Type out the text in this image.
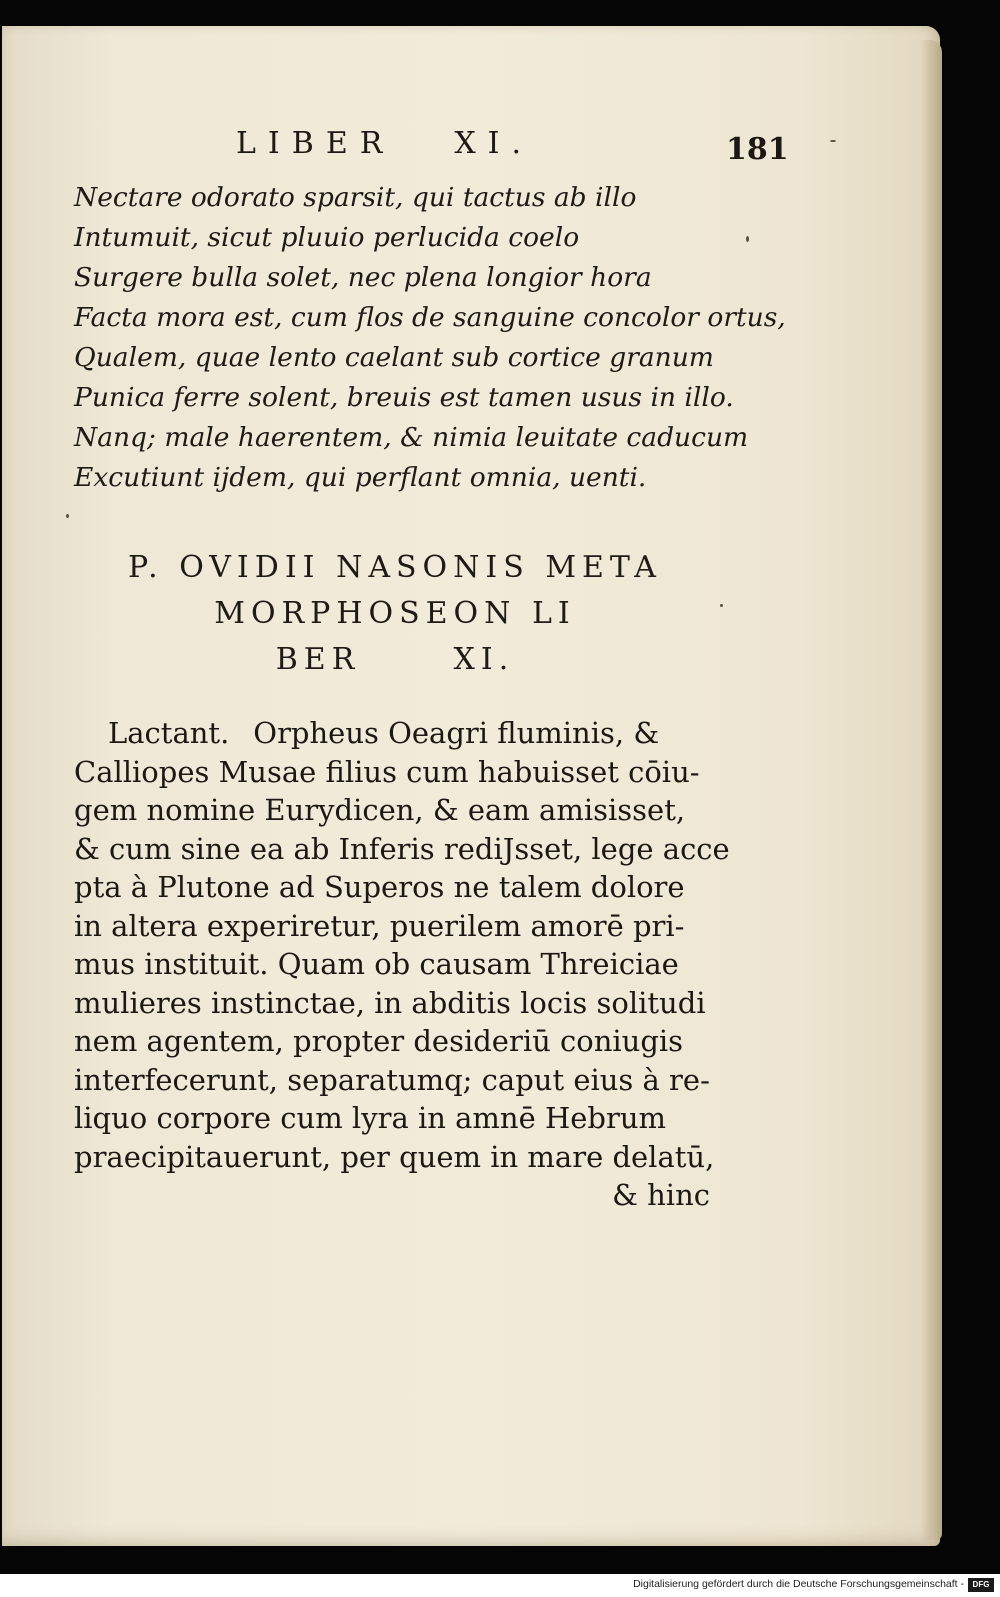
LIBER XI.	181
Nectare odorato sparsit, qui tactus ab illo
Intumuit, sicut pluuio perlucida coelo
Surgere bulla solet, nec plena longior hora
Facta mora est, cum flos de sanguine concolor ortus,
Qualem, quae lento caelant sub cortice granum
Punica ferre solent, breuis est tamen usus in illo.
Nanq; male haerentem, & nimia leuitate caducum
Excutiunt ijdem, qui perflant omnia, uenti.
P. OVIDII NASONIS META
MORPHOSEON LI
BER      XI.
Lactant. Orpheus Oeagri fluminis, &
Calliopes Musae filius cum habuisset cōiu-
gem nomine Eurydicen, & eam amisisset,
& cum sine ea ab Inferis rediJsset, lege acce
pta à Plutone ad Superos ne talem dolore
in altera experiretur, puerilem amorē pri-
mus instituit. Quam ob causam Threiciae
mulieres instinctae, in abditis locis solitudi
nem agentem, propter desideriū coniugis
interfecerunt, separatumq; caput eius à re-
liquo corpore cum lyra in amnē Hebrum
praecipitauerunt, per quem in mare delatū,
& hinc
Digitalisierung gefördert durch die Deutsche Forschungsgemeinschaft -	DFG
